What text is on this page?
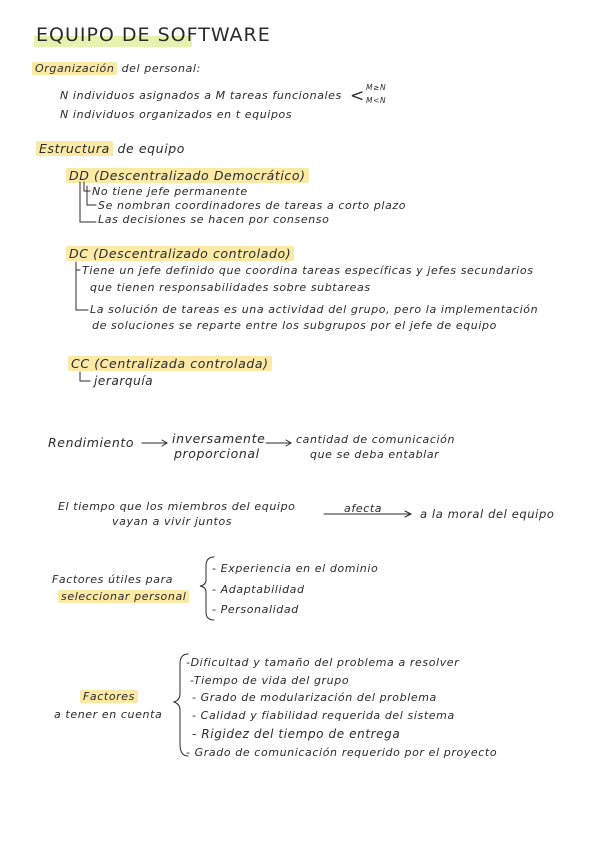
EQUIPO DE SOFTWARE
Organización del personal:
N individuos asignados a M tareas funcionales < M≥N
M<N
N individuos organizados en t equipos
Estructura de equipo
DD (Descentralizado Democrático)
No tiene jefe permanente
Se nombran coordinadores de tareas a corto plazo
Las decisiones se hacen por consenso
DC (Descentralizado controlado)
Tiene un jefe definido que coordina tareas específicas y jefes secundarios
que tienen responsabilidades sobre subtareas
La solución de tareas es una actividad del grupo, pero la implementación
de soluciones se reparte entre los subgrupos por el jefe de equipo
CC (Centralizada controlada)
jerarquía
Rendimiento	inversamente
proporcional
cantidad de comunicación
que se deba entablar
El tiempo que los miembros del equipo
vayan a vivir juntos
afecta	a la moral del equipo
Factores útiles para
seleccionar personal
- Experiencia en el dominio
- Adaptabilidad
- Personalidad
Factores
a tener en cuenta
-Dificultad y tamaño del problema a resolver
-Tiempo de vida del grupo
- Grado de modularización del problema
- Calidad y fiabilidad requerida del sistema
- Rigidez del tiempo de entrega
- Grado de comunicación requerido por el proyecto
